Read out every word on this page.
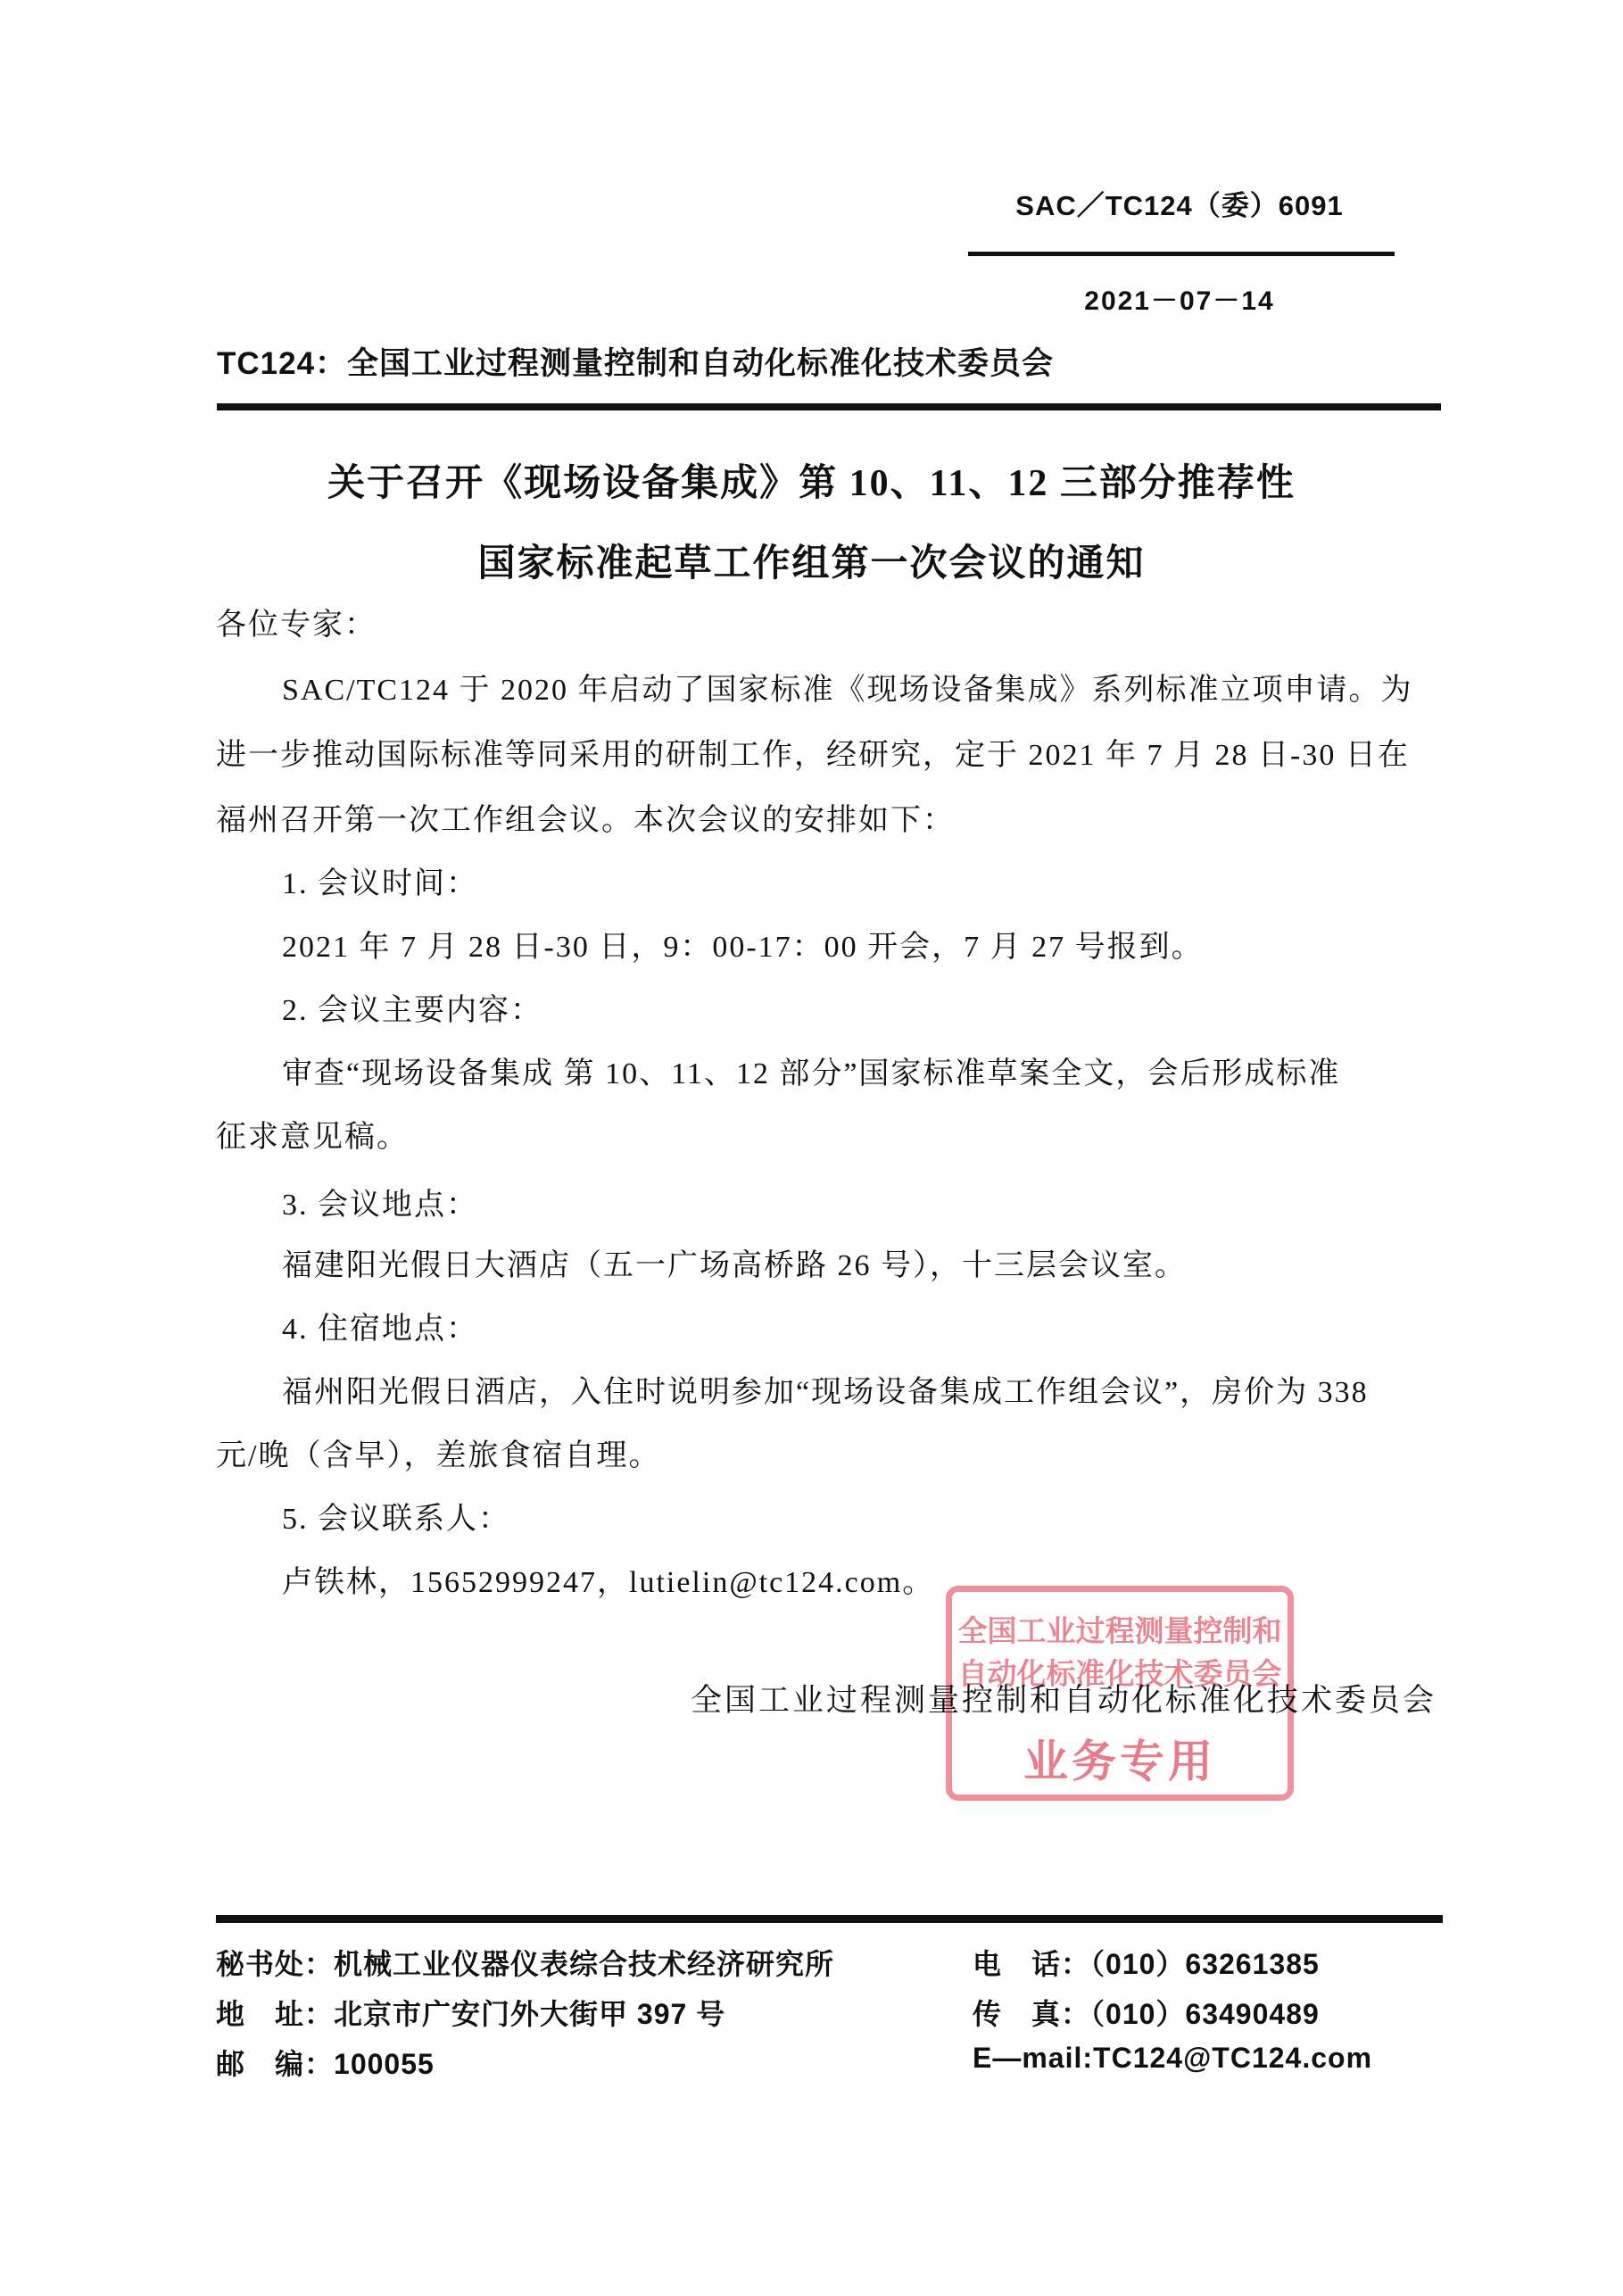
SAC／TC124（委）6091
2021－07－14
TC124：全国工业过程测量控制和自动化标准化技术委员会
关于召开《现场设备集成》第 10、11、12 三部分推荐性
国家标准起草工作组第一次会议的通知
各位专家：
SAC/TC124 于 2020 年启动了国家标准《现场设备集成》系列标准立项申请。为
进一步推动国际标准等同采用的研制工作，经研究，定于 2021 年 7 月 28 日-30 日在
福州召开第一次工作组会议。本次会议的安排如下：
1. 会议时间：
2021 年 7 月 28 日-30 日，9：00-17：00 开会，7 月 27 号报到。
2. 会议主要内容：
审查“现场设备集成 第 10、11、12 部分”国家标准草案全文，会后形成标准
征求意见稿。
3. 会议地点：
福建阳光假日大酒店（五一广场高桥路 26 号），十三层会议室。
4. 住宿地点：
福州阳光假日酒店，入住时说明参加“现场设备集成工作组会议”，房价为 338
元/晚（含早），差旅食宿自理。
5. 会议联系人：
卢铁林，15652999247，lutielin@tc124.com。
全国工业过程测量控制和自动化标准化技术委员会
全国工业过程测量控制和
自动化标准化技术委员会
业务专用
秘书处：机械工业仪器仪表综合技术经济研究所
地　址：北京市广安门外大街甲 397 号
邮　编：100055
电　话：（010）63261385
传　真：（010）63490489
E—mail:TC124@TC124.com
